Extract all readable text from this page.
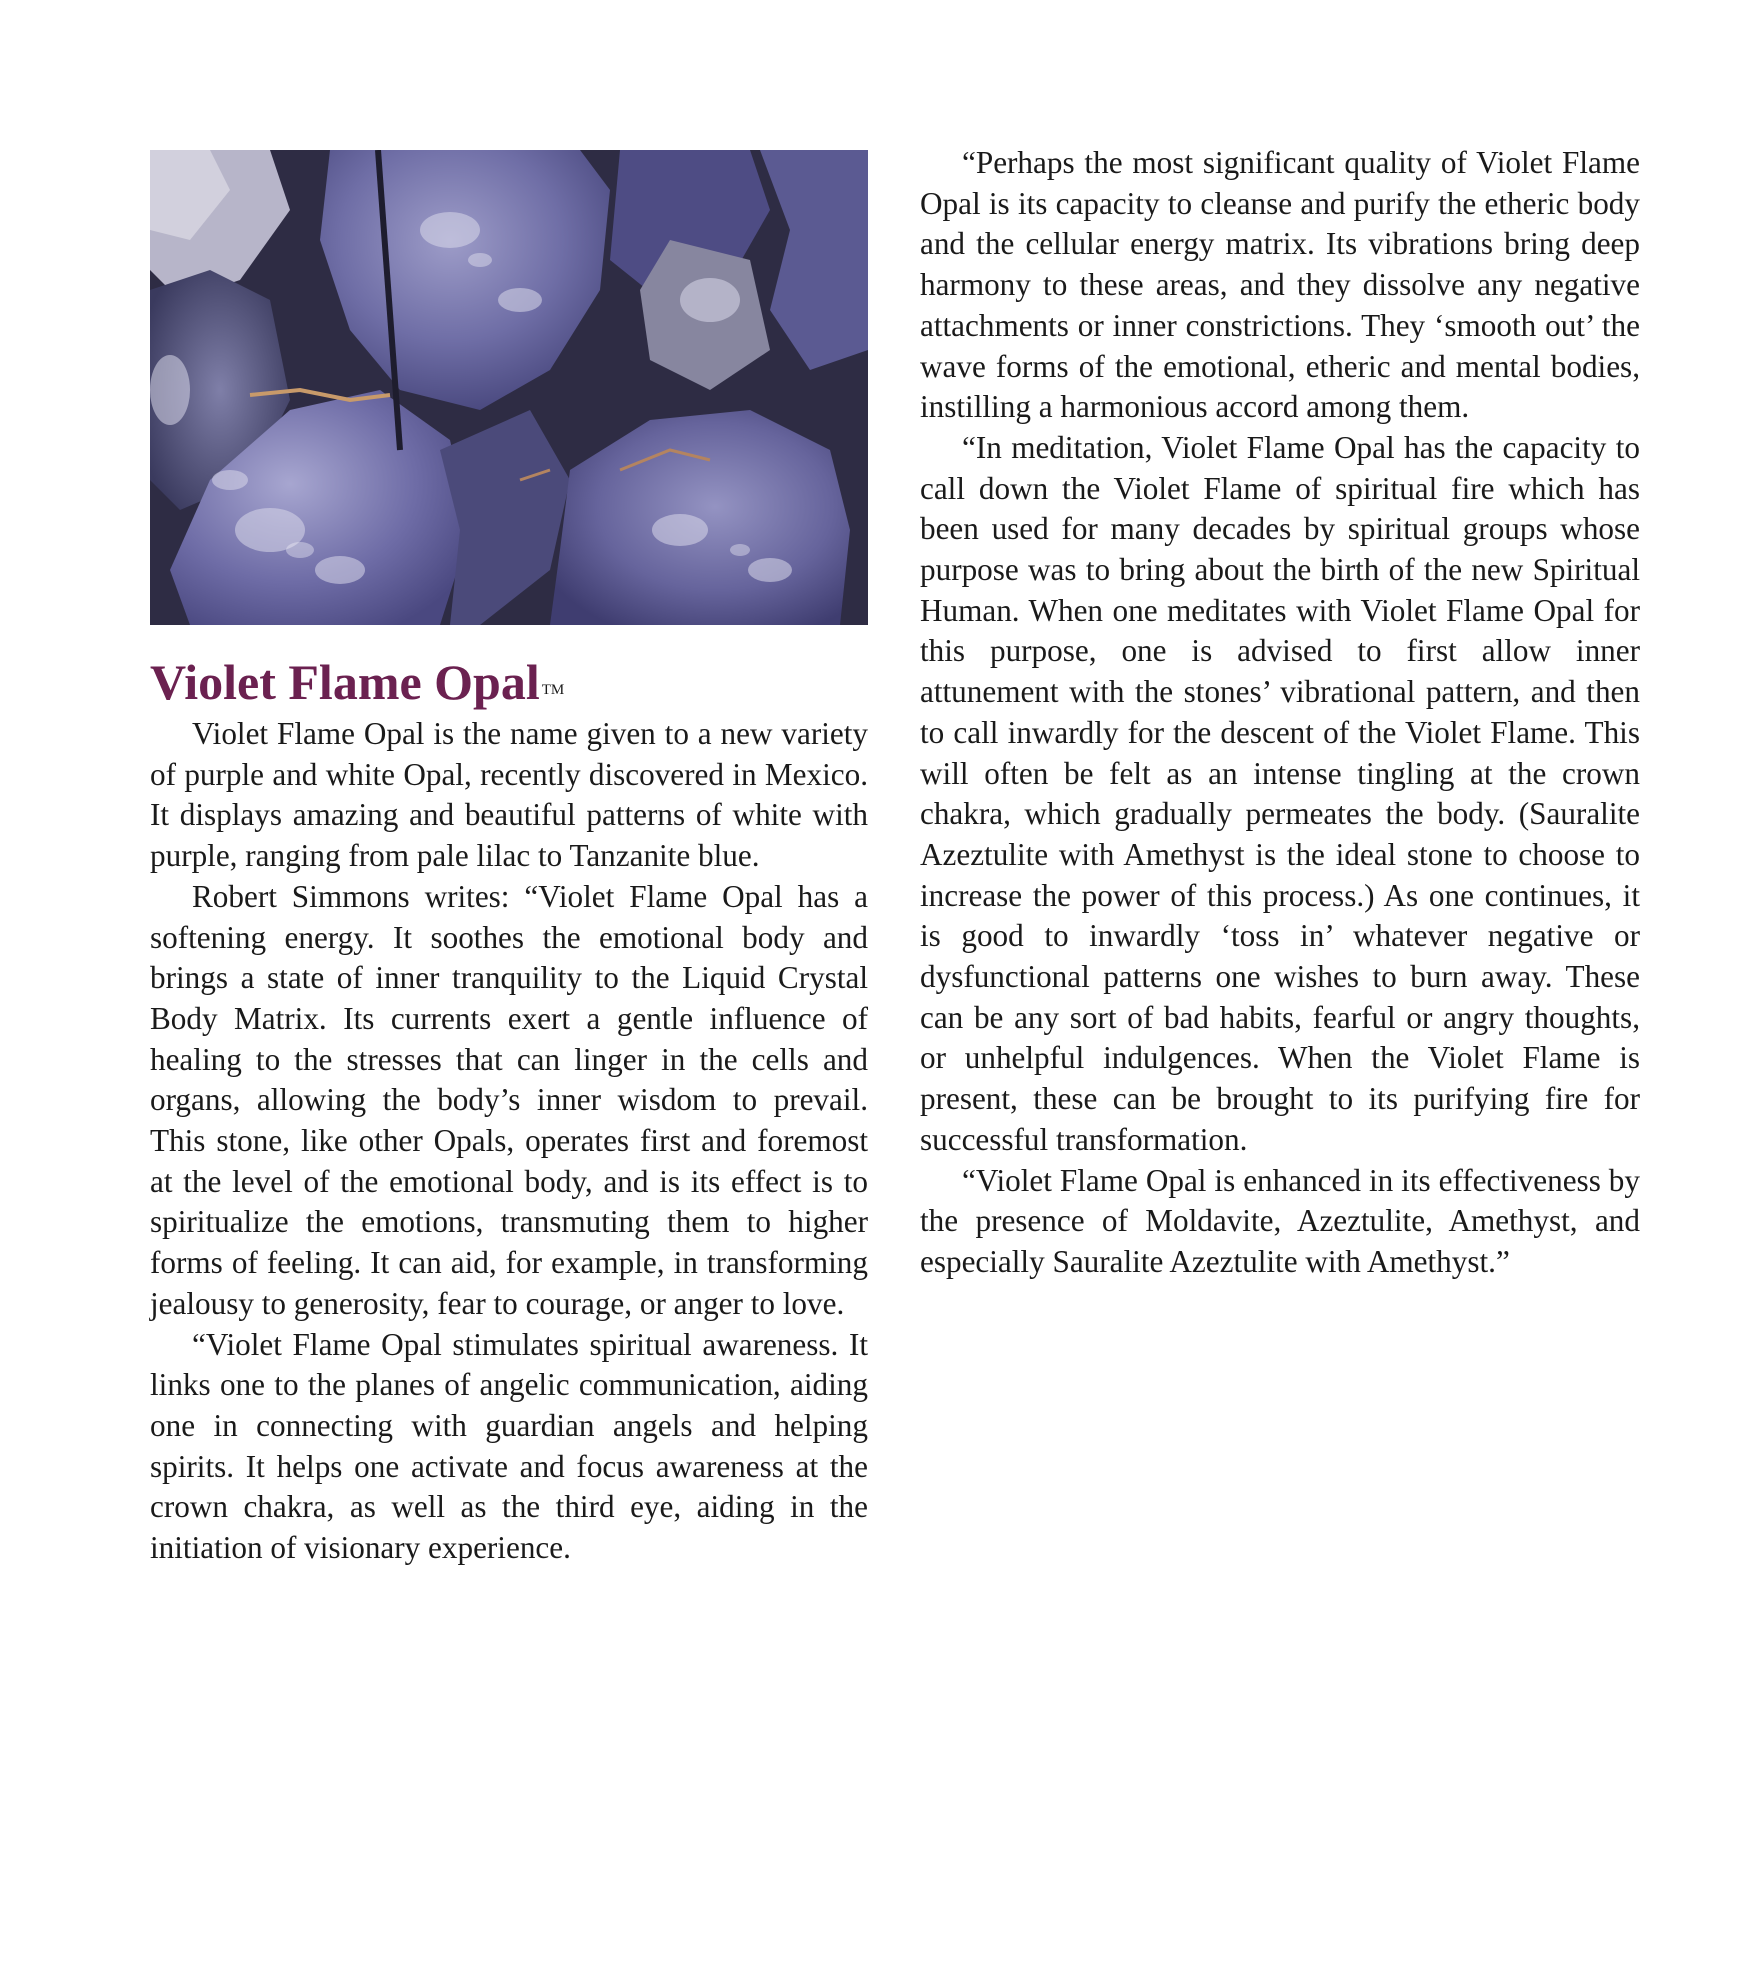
Violet Flame Opal ™

Violet Flame Opal is the name given to a new variety of purple and white Opal, recently discovered in Mexico. It displays amazing and beautiful patterns of white with purple, ranging from pale lilac to Tanzanite blue.

Robert Simmons writes: “Violet Flame Opal has a softening energy. It soothes the emotional body and brings a state of inner tranquility to the Liquid Crystal Body Matrix. Its currents exert a gentle influence of healing to the stresses that can linger in the cells and organs, allowing the body’s inner wisdom to prevail. This stone, like other Opals, operates first and foremost at the level of the emotional body, and is its effect is to spiritualize the emotions, transmuting them to higher forms of feeling. It can aid, for example, in transforming jealousy to generosity, fear to courage, or anger to love.

“Violet Flame Opal stimulates spiritual awareness. It links one to the planes of angelic communication, aiding one in connecting with guardian angels and helping spirits. It helps one activate and focus awareness at the crown chakra, as well as the third eye, aiding in the initiation of visionary experience.

“Perhaps the most significant quality of Violet Flame Opal is its capacity to cleanse and purify the etheric body and the cellular energy matrix. Its vibrations bring deep harmony to these areas, and they dissolve any negative attachments or inner constrictions. They ‘smooth out’ the wave forms of the emotional, etheric and mental bodies, instilling a harmonious accord among them.

“In meditation, Violet Flame Opal has the capacity to call down the Violet Flame of spiritual fire which has been used for many decades by spiritual groups whose purpose was to bring about the birth of the new Spiritual Human. When one meditates with Violet Flame Opal for this purpose, one is advised to first allow inner attunement with the stones’ vibrational pattern, and then to call inwardly for the descent of the Violet Flame. This will often be felt as an intense tingling at the crown chakra, which gradually permeates the body. (Sauralite Azeztulite with Amethyst is the ideal stone to choose to increase the power of this process.) As one continues, it is good to inwardly ‘toss in’ whatever negative or dysfunctional patterns one wishes to burn away. These can be any sort of bad habits, fearful or angry thoughts, or unhelpful indulgences. When the Violet Flame is present, these can be brought to its purifying fire for successful transformation.

“Violet Flame Opal is enhanced in its effectiveness by the presence of Moldavite, Azeztulite, Amethyst, and especially Sauralite Azeztulite with Amethyst.”
